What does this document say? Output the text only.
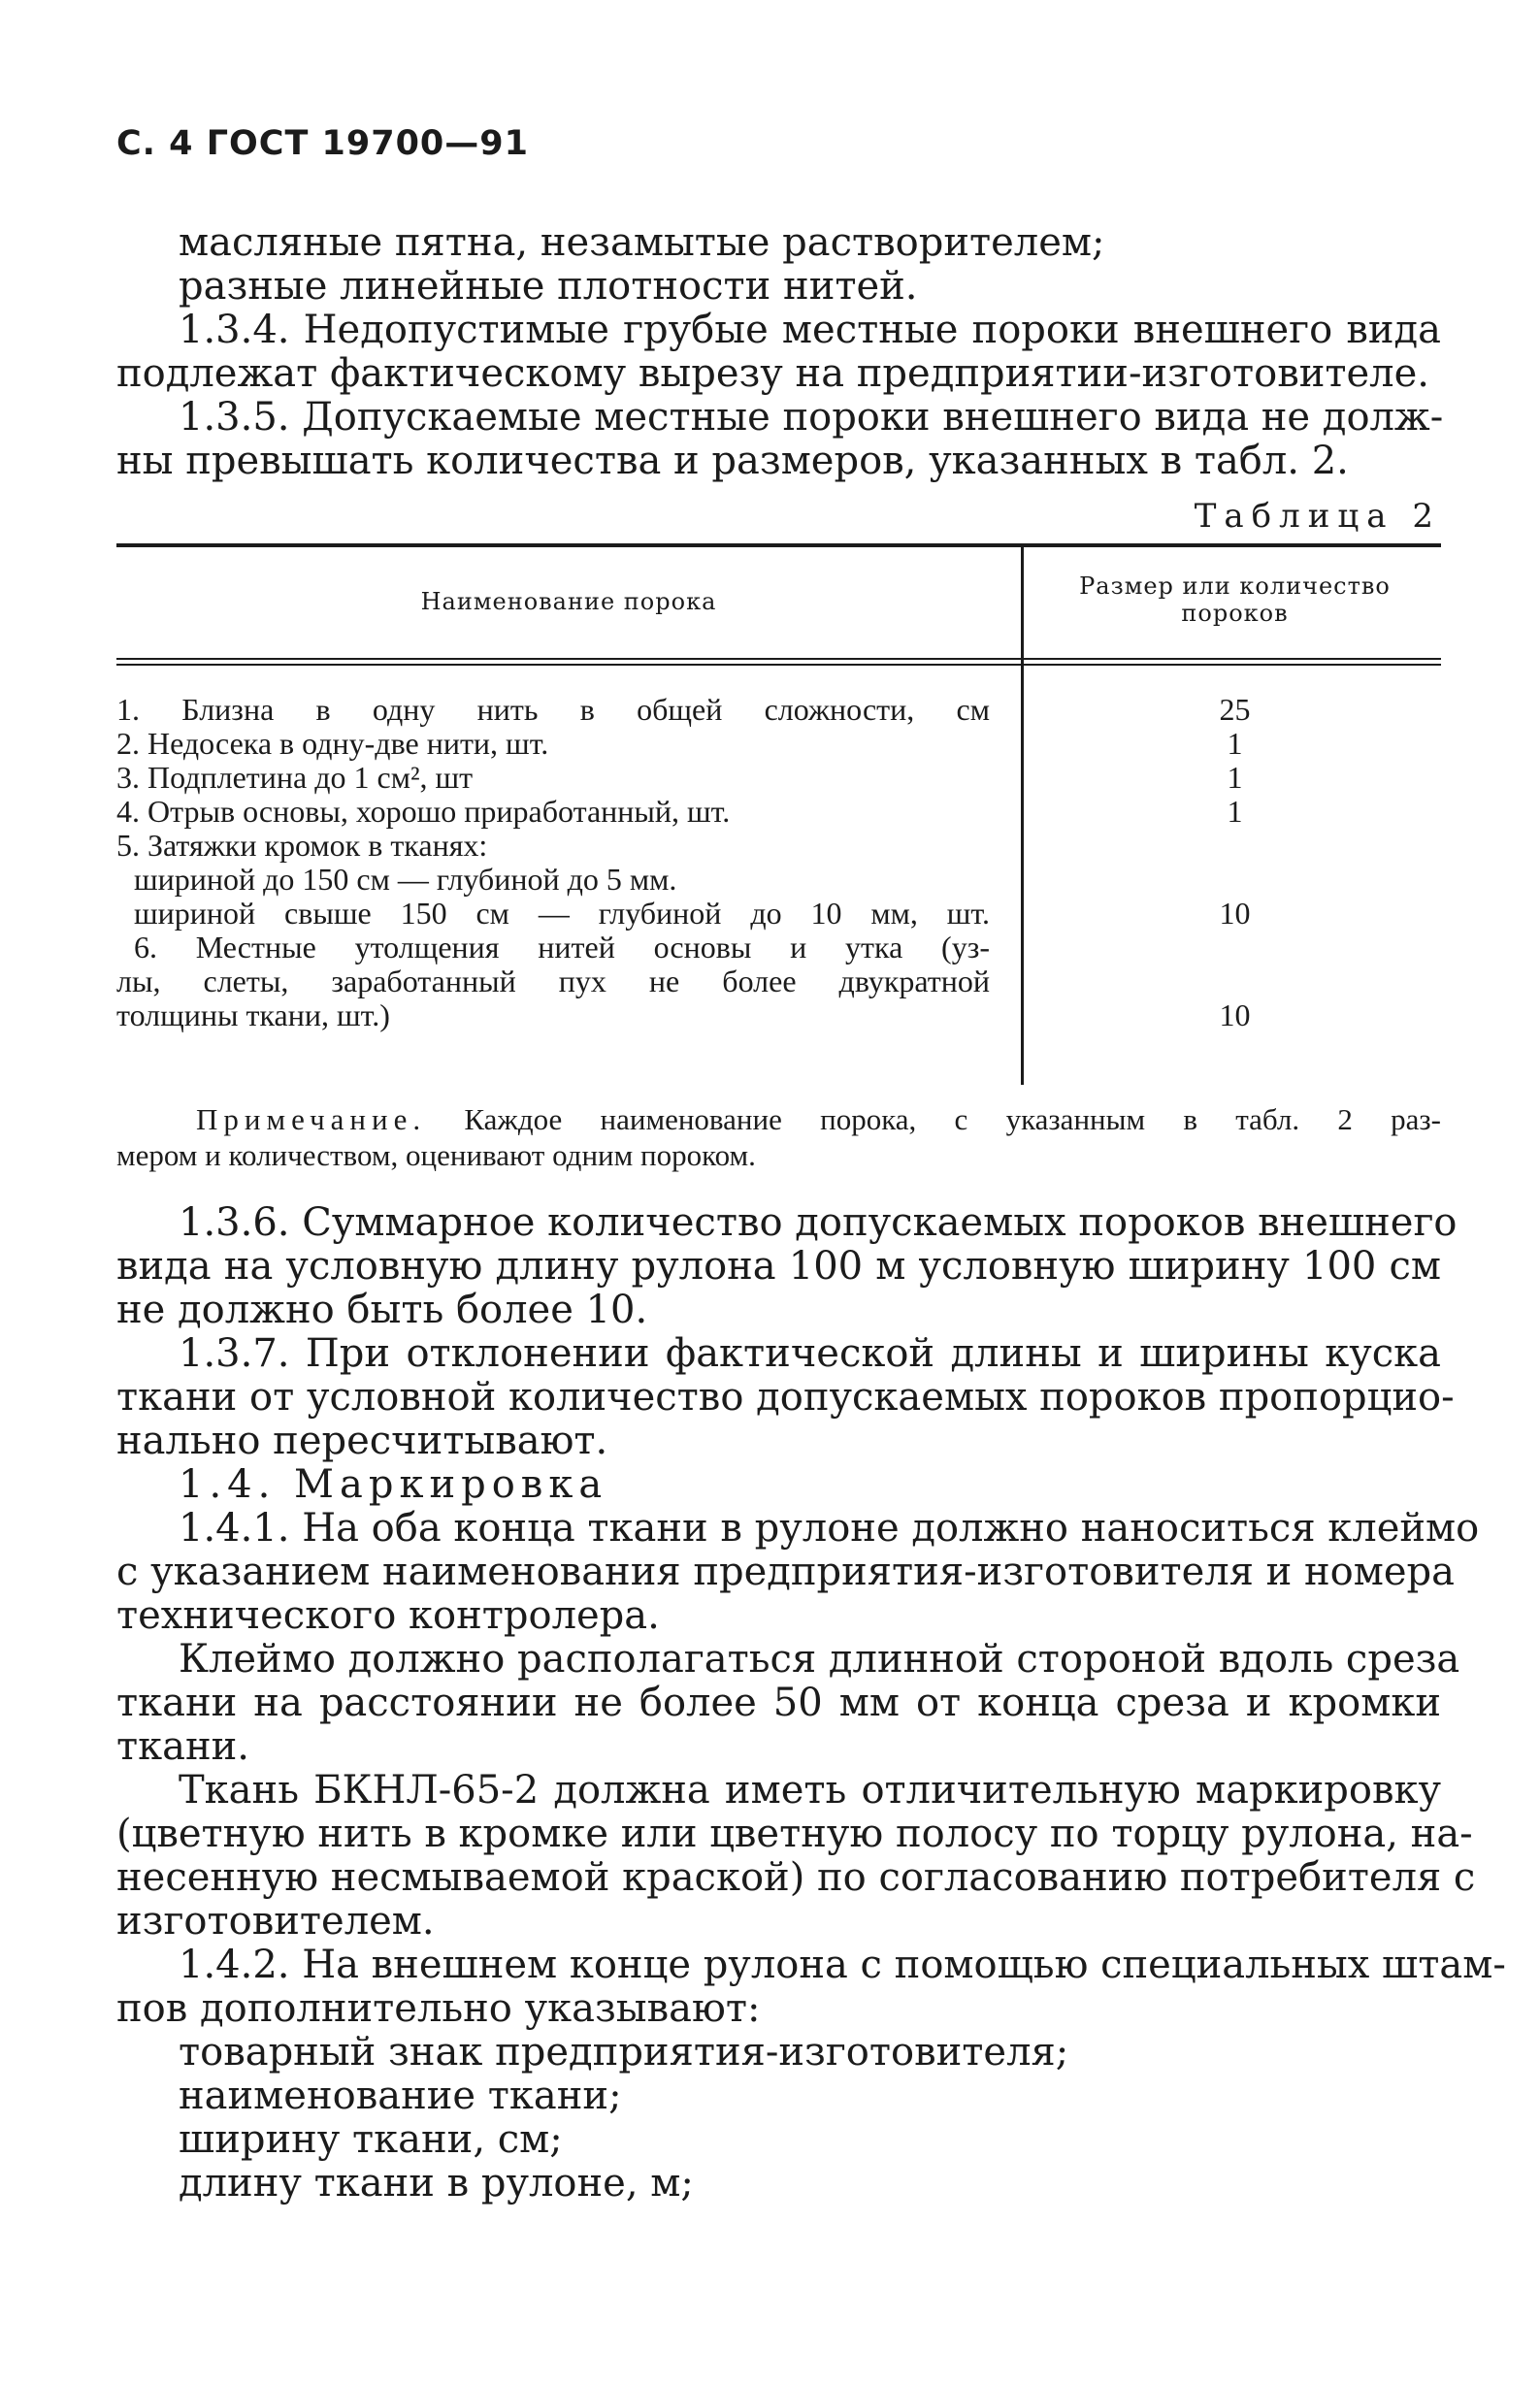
С. 4 ГОСТ 19700—91
масляные пятна, незамытые растворителем;
разные линейные плотности нитей.
1.3.4. Недопустимые грубые местные пороки внешнего вида
подлежат фактическому вырезу на предприятии-изготовителе.
1.3.5. Допускаемые местные пороки внешнего вида не долж-
ны превышать количества и размеров, указанных в табл. 2.
Таблица 2
Наименование порока
Размер или количество
пороков
1. Близна в одну нить в общей сложности, см
2. Недосека в одну-две нити, шт.
3. Подплетина до 1 см², шт
4. Отрыв основы, хорошо приработанный, шт.
5. Затяжки кромок в тканях:
шириной до 150 см — глубиной до 5 мм.
шириной свыше 150 см — глубиной до 10 мм, шт.
6. Местные утолщения нитей основы и утка (уз-
лы, слеты, заработанный пух не более двукратной
толщины ткани, шт.)
25
1
1
1
10
10
Примечание. Каждое наименование порока, с указанным в табл. 2 раз-
мером и количеством, оценивают одним пороком.
1.3.6. Суммарное количество допускаемых пороков внешнего
вида на условную длину рулона 100 м условную ширину 100 см
не должно быть более 10.
1.3.7. При отклонении фактической длины и ширины куска
ткани от условной количество допускаемых пороков пропорцио-
нально пересчитывают.
1.4. Маркировка
1.4.1. На оба конца ткани в рулоне должно наноситься клеймо
с указанием наименования предприятия-изготовителя и номера
технического контролера.
Клеймо должно располагаться длинной стороной вдоль среза
ткани на расстоянии не более 50 мм от конца среза и кромки
ткани.
Ткань БКНЛ-65-2 должна иметь отличительную маркировку
(цветную нить в кромке или цветную полосу по торцу рулона, на-
несенную несмываемой краской) по согласованию потребителя с
изготовителем.
1.4.2. На внешнем конце рулона с помощью специальных штам-
пов дополнительно указывают:
товарный знак предприятия-изготовителя;
наименование ткани;
ширину ткани, см;
длину ткани в рулоне, м;
